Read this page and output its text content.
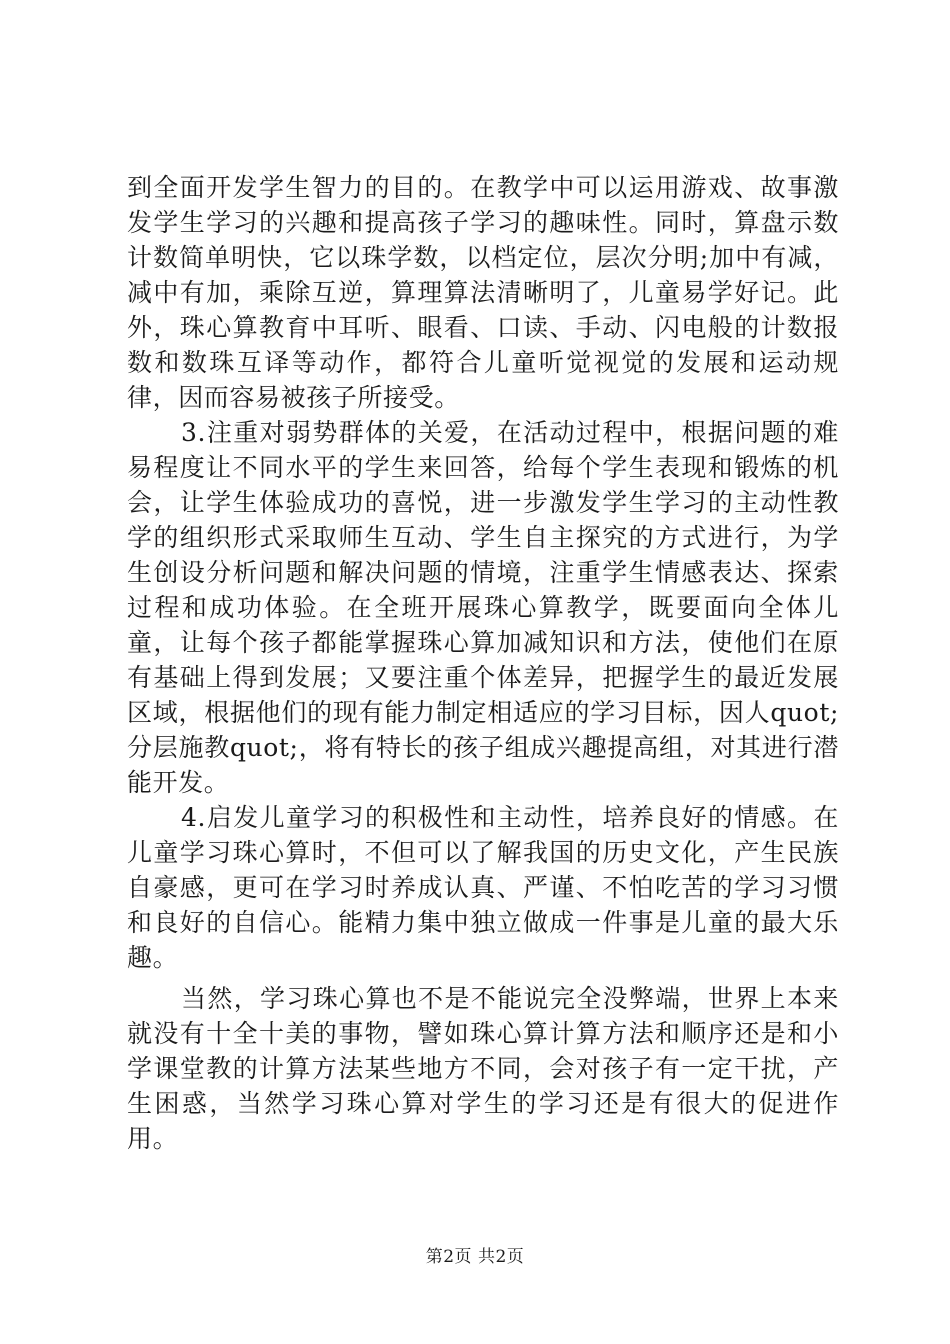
到全面开发学生智力的目的。在教学中可以运用游戏、故事激发学生学习的兴趣和提高孩子学习的趣味性。同时，算盘示数计数简单明快，它以珠学数，以档定位，层次分明;加中有减，减中有加，乘除互逆，算理算法清晰明了，儿童易学好记。此外，珠心算教育中耳听、眼看、口读、手动、闪电般的计数报数和数珠互译等动作，都符合儿童听觉视觉的发展和运动规律，因而容易被孩子所接受。

3.注重对弱势群体的关爱，在活动过程中，根据问题的难易程度让不同水平的学生来回答，给每个学生表现和锻炼的机会，让学生体验成功的喜悦，进一步激发学生学习的主动性教学的组织形式采取师生互动、学生自主探究的方式进行，为学生创设分析问题和解决问题的情境，注重学生情感表达、探索过程和成功体验。在全班开展珠心算教学，既要面向全体儿童，让每个孩子都能掌握珠心算加减知识和方法，使他们在原有基础上得到发展；又要注重个体差异，把握学生的最近发展区域，根据他们的现有能力制定相适应的学习目标，因人quot;分层施教quot;，将有特长的孩子组成兴趣提高组，对其进行潜能开发。

4.启发儿童学习的积极性和主动性，培养良好的情感。在儿童学习珠心算时，不但可以了解我国的历史文化，产生民族自豪感，更可在学习时养成认真、严谨、不怕吃苦的学习习惯和良好的自信心。能精力集中独立做成一件事是儿童的最大乐趣。

当然，学习珠心算也不是不能说完全没弊端，世界上本来就没有十全十美的事物，譬如珠心算计算方法和顺序还是和小学课堂教的计算方法某些地方不同，会对孩子有一定干扰，产生困惑，当然学习珠心算对学生的学习还是有很大的促进作用。

第2页 共2页
